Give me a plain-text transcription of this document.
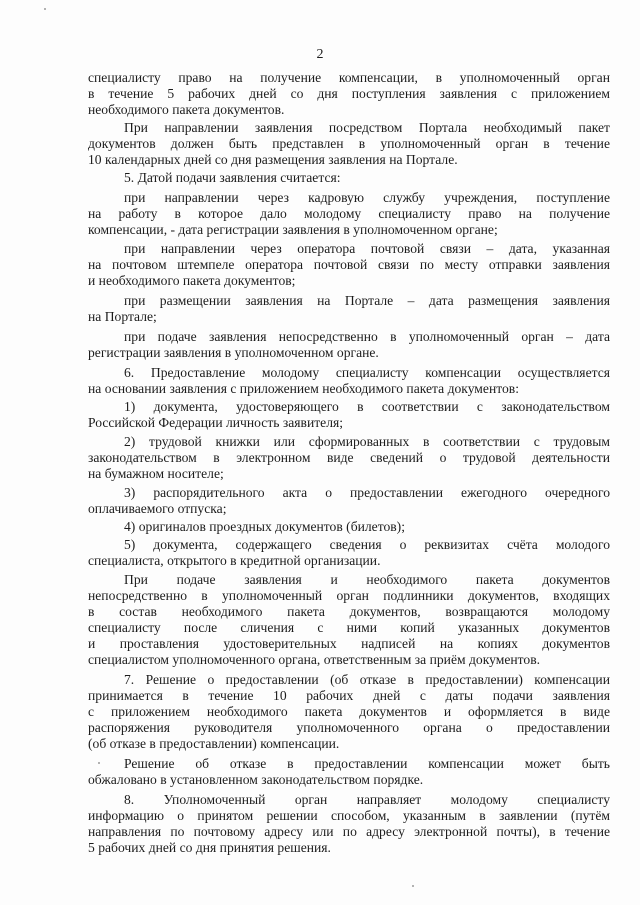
2
специалисту право на получение компенсации, в уполномоченный орган
в течение 5 рабочих дней со дня поступления заявления с приложением
необходимого пакета документов.
При направлении заявления посредством Портала необходимый пакет
документов должен быть представлен в уполномоченный орган в течение
10 календарных дней со дня размещения заявления на Портале.
5. Датой подачи заявления считается:
при направлении через кадровую службу учреждения, поступление
на работу в которое дало молодому специалисту право на получение
компенсации, - дата регистрации заявления в уполномоченном органе;
при направлении через оператора почтовой связи – дата, указанная
на почтовом штемпеле оператора почтовой связи по месту отправки заявления
и необходимого пакета документов;
при размещении заявления на Портале – дата размещения заявления
на Портале;
при подаче заявления непосредственно в уполномоченный орган – дата
регистрации заявления в уполномоченном органе.
6. Предоставление молодому специалисту компенсации осуществляется
на основании заявления с приложением необходимого пакета документов:
1) документа, удостоверяющего в соответствии с законодательством
Российской Федерации личность заявителя;
2) трудовой книжки или сформированных в соответствии с трудовым
законодательством в электронном виде сведений о трудовой деятельности
на бумажном носителе;
3) распорядительного акта о предоставлении ежегодного очередного
оплачиваемого отпуска;
4) оригиналов проездных документов (билетов);
5) документа, содержащего сведения о реквизитах счёта молодого
специалиста, открытого в кредитной организации.
При подаче заявления и необходимого пакета документов
непосредственно в уполномоченный орган подлинники документов, входящих
в состав необходимого пакета документов, возвращаются молодому
специалисту после сличения с ними копий указанных документов
и проставления удостоверительных надписей на копиях документов
специалистом уполномоченного органа, ответственным за приём документов.
7. Решение о предоставлении (об отказе в предоставлении) компенсации
принимается в течение 10 рабочих дней с даты подачи заявления
с приложением необходимого пакета документов и оформляется в виде
распоряжения руководителя уполномоченного органа о предоставлении
(об отказе в предоставлении) компенсации.
Решение об отказе в предоставлении компенсации может быть
обжаловано в установленном законодательством порядке.
8. Уполномоченный орган направляет молодому специалисту
информацию о принятом решении способом, указанным в заявлении (путём
направления по почтовому адресу или по адресу электронной почты), в течение
5 рабочих дней со дня принятия решения.
